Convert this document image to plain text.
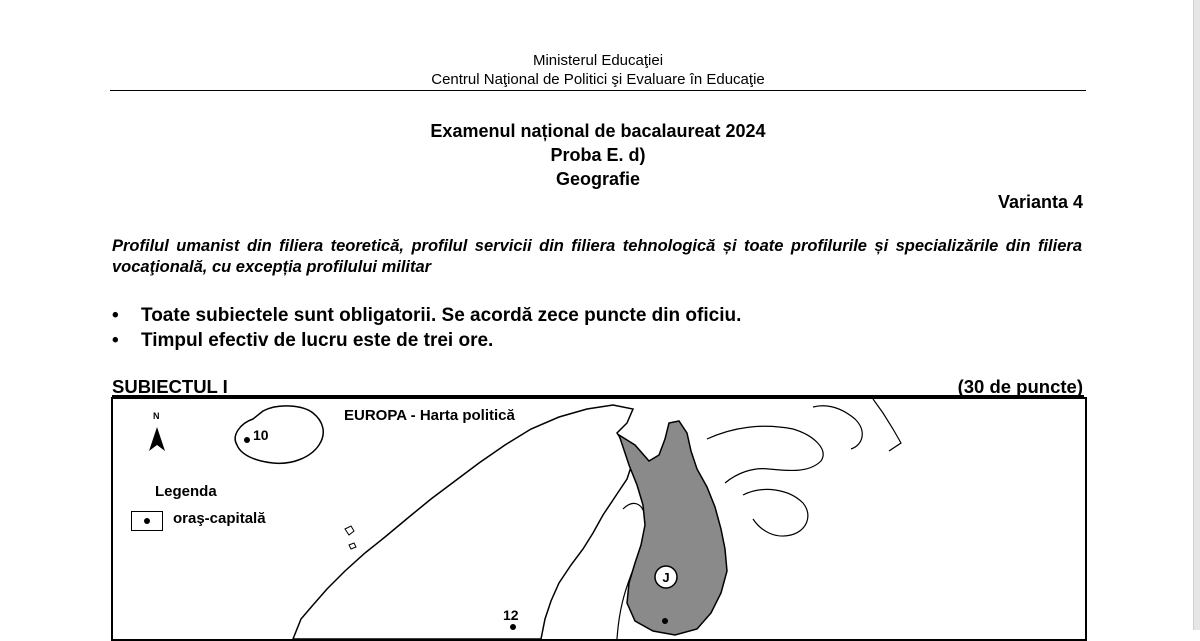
Ministerul Educaţiei
Centrul Naţional de Politici şi Evaluare în Educaţie
Examenul național de bacalaureat 2024
Proba E. d)
Geografie
Varianta 4
Profilul umanist din filiera teoretică, profilul servicii din filiera tehnologică și toate profilurile și specializările din filiera vocaţională, cu excepția profilului militar
• Toate subiectele sunt obligatorii. Se acordă zece puncte din oficiu.
• Timpul efectiv de lucru este de trei ore.
SUBIECTUL I	(30 de puncte)
J
N	EUROPA - Harta politică
10
Legenda
oraş-capitală
12
